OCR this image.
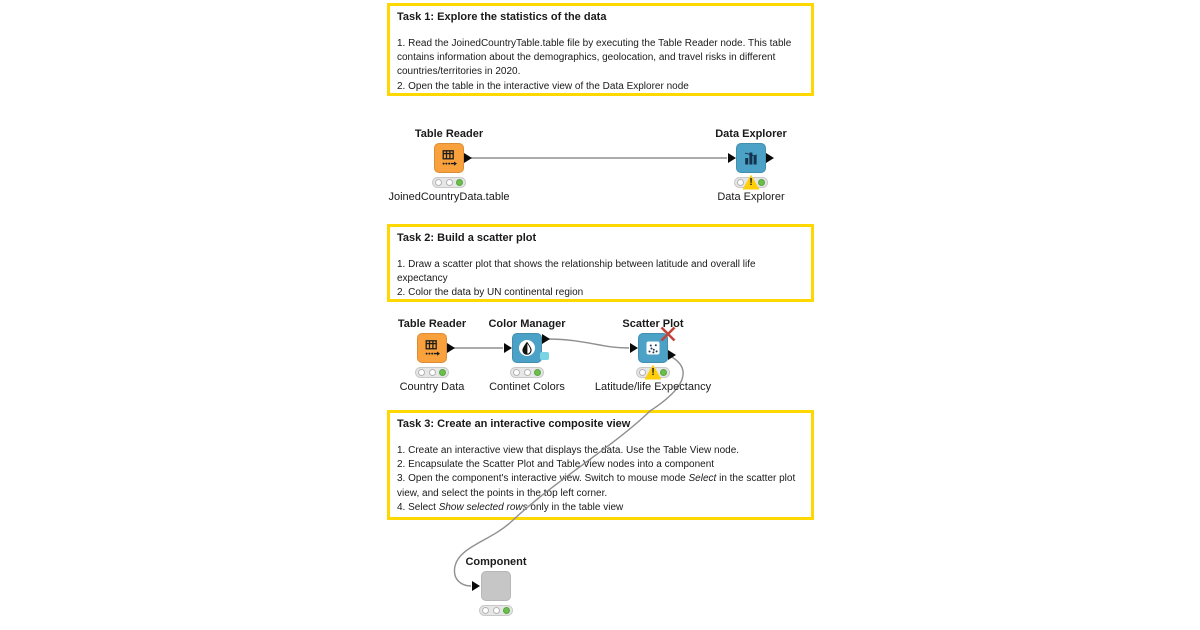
Task 1: Explore the statistics of the data
1. Read the JoinedCountryTable.table file by executing the Table Reader node. This table contains information about the demographics, geolocation, and travel risks in different countries/territories in 2020.
2. Open the table in the interactive view of the Data Explorer node
Task 2: Build a scatter plot
1. Draw a scatter plot that shows the relationship between latitude and overall life expectancy
2. Color the data by UN continental region
Task 3: Create an interactive composite view
1. Create an interactive view that displays the data. Use the Table View node.
2. Encapsulate the Scatter Plot and Table View nodes into a component
3. Open the component's interactive view. Switch to mouse mode Select in the scatter plot view, and select the points in the top left corner.
4. Select Show selected rows only in the table view
Table Reader
JoinedCountryData.table
Data Explorer
!
Data Explorer
Table Reader
Country Data
Color Manager
Continet Colors
Scatter Plot
!
Latitude/life Expectancy
Component
